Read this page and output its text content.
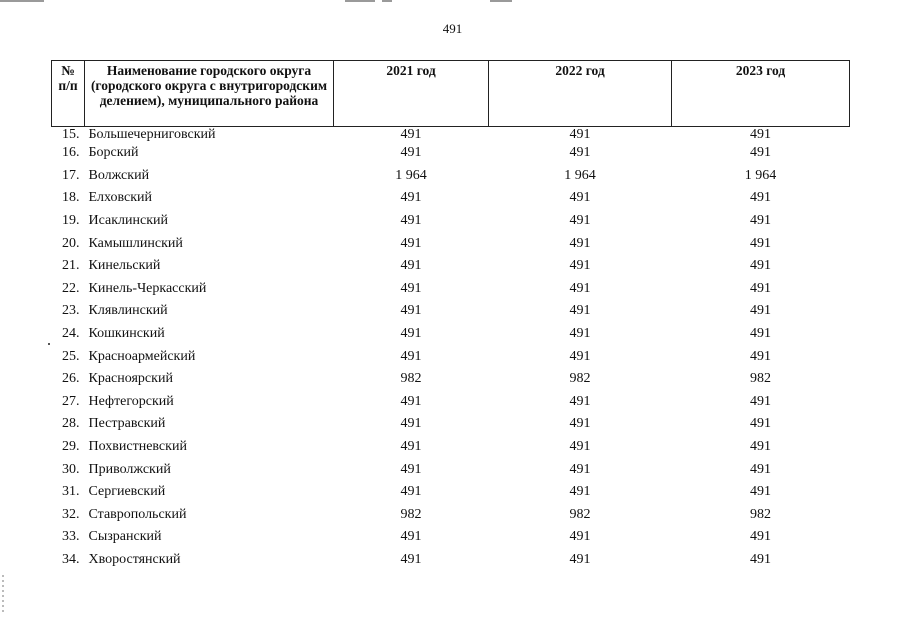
491
№ п/п	Наименование городского округа (городского округа с внутригородским делением), муниципального района	2021 год	2022 год	2023 год
15.	Большечерниговский	491	491	491
16.	Борский	491	491	491
17.	Волжский	1 964	1 964	1 964
18.	Елховский	491	491	491
19.	Исаклинский	491	491	491
20.	Камышлинский	491	491	491
21.	Кинельский	491	491	491
22.	Кинель-Черкасский	491	491	491
23.	Клявлинский	491	491	491
24.	Кошкинский	491	491	491
25.	Красноармейский	491	491	491
26.	Красноярский	982	982	982
27.	Нефтегорский	491	491	491
28.	Пестравский	491	491	491
29.	Похвистневский	491	491	491
30.	Приволжский	491	491	491
31.	Сергиевский	491	491	491
32.	Ставропольский	982	982	982
33.	Сызранский	491	491	491
34.	Хворостянский	491	491	491
